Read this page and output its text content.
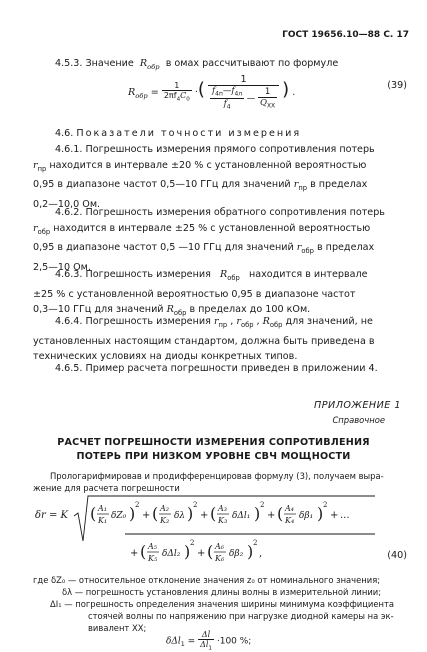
ГОСТ 19656.10—88 С. 17
4.5.3. Значение $R_{обр}$ в омах рассчитывают по формуле
$R_{обр} = \frac{1}{2\pi f_4C_0}$ ·(	1
$\frac{f_{4п}—f_{4л}}{f_4}$ — $\frac{1}{Q_{XX}}$ ) .
(39)
4.6. Показатели точности измерения
4.6.1. Погрешность измерения прямого сопротивления потерь
$r_{пр}$ находится в интервале ±20 % с установленной вероятностью
0,95 в диапазоне частот 0,5—10 ГГц для значений $r_{пр}$ в пределах
0,2—10,0 Ом.
4.6.2. Погрешность измерения обратного сопротивления потерь
$r_{обр}$ находится в интервале ±25 % с установленной вероятностью
0,95 в диапазоне частот 0,5 —10 ГГц для значений $r_{обр}$ в пределах
2,5—10 Ом.
4.6.3. Погрешность измерения $R_{обр}$ находится в интервале
±25 % с установленной вероятностью 0,95 в диапазоне частот
0,3—10 ГГц для значений $R_{обр}$ в пределах до 100 кОм.
4.6.4. Погрешность измерения $r_{пр}$ , $r_{обр}$ , $R_{обр}$ для значений, не
установленных настоящим стандартом, должна быть приведена в
технических условиях на диоды конкретных типов.
4.6.5. Пример расчета погрешности приведен в приложении 4.
ПРИЛОЖЕНИЕ 1
Справочное
РАСЧЕТ ПОГРЕШНОСТИ ИЗМЕРЕНИЯ СОПРОТИВЛЕНИЯ
ПОТЕРЬ ПРИ НИЗКОМ УРОВНЕ СВЧ МОЩНОСТИ
Прологарифмировав и продифференцировав формулу (3), получаем выра-
жение для расчета погрешности
δr = K ( A₁
K₁ δZ₀ ) 2
+ ( A₂
K₂ δλ ) 2
+ ( A₃
K₃ δΔl₁ ) 2
+ ( A₄
K₄ δβ₁ ) 2
+ ...
+ ( A₅
K₅ δΔl₂ ) 2
+ ( A₆
K₆ δβ₂ ) 2
,	(40)
где δZ₀ — относительное отклонение значения z₀ от номинального значения;
δλ — погрешность установления длины волны в измерительной линии;
ΔΙ₁ — погрешность определения значения ширины минимума коэффициента
стоячей волны по напряжению при нагрузке диодной камеры на эк-
вивалент ХХ;
$\delta\Delta l_1 = \frac{\Delta l}{\Delta l_1} \cdot 100$ %;
